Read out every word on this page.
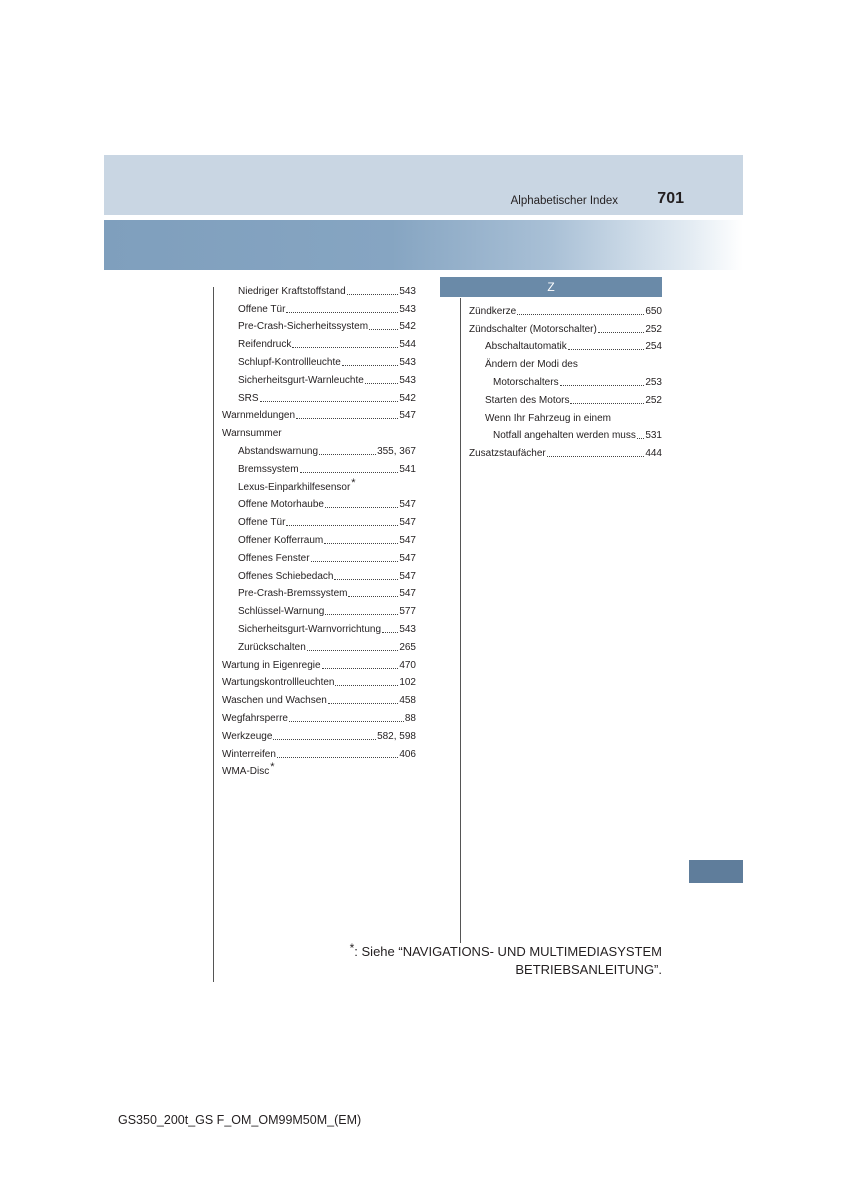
Alphabetischer Index	701
Niedriger Kraftstoffstand	543
Offene Tür	543
Pre-Crash-Sicherheitssystem	542
Reifendruck	544
Schlupf-Kontrollleuchte	543
Sicherheitsgurt-Warnleuchte	543
SRS	542
Warnmeldungen	547
Warnsummer
Abstandswarnung	355, 367
Bremssystem	541
Lexus-Einparkhilfesensor *
Offene Motorhaube	547
Offene Tür	547
Offener Kofferraum	547
Offenes Fenster	547
Offenes Schiebedach	547
Pre-Crash-Bremssystem	547
Schlüssel-Warnung	577
Sicherheitsgurt-Warnvorrichtung 543
Zurückschalten	265
Wartung in Eigenregie	470
Wartungskontrollleuchten	102
Waschen und Wachsen	458
Wegfahrsperre	88
Werkzeuge	582, 598
Winterreifen	406
WMA-Disc *
Z
Zündkerze	650
Zündschalter (Motorschalter)	252
Abschaltautomatik	254
Ändern der Modi des
Motorschalters	253
Starten des Motors	252
Wenn Ihr Fahrzeug in einem
Notfall angehalten werden muss 531
Zusatzstaufächer	444
*: Siehe “NAVIGATIONS- UND MULTIMEDIASYSTEM
BETRIEBSANLEITUNG”.
GS350_200t_GS F_OM_OM99M50M_(EM)
